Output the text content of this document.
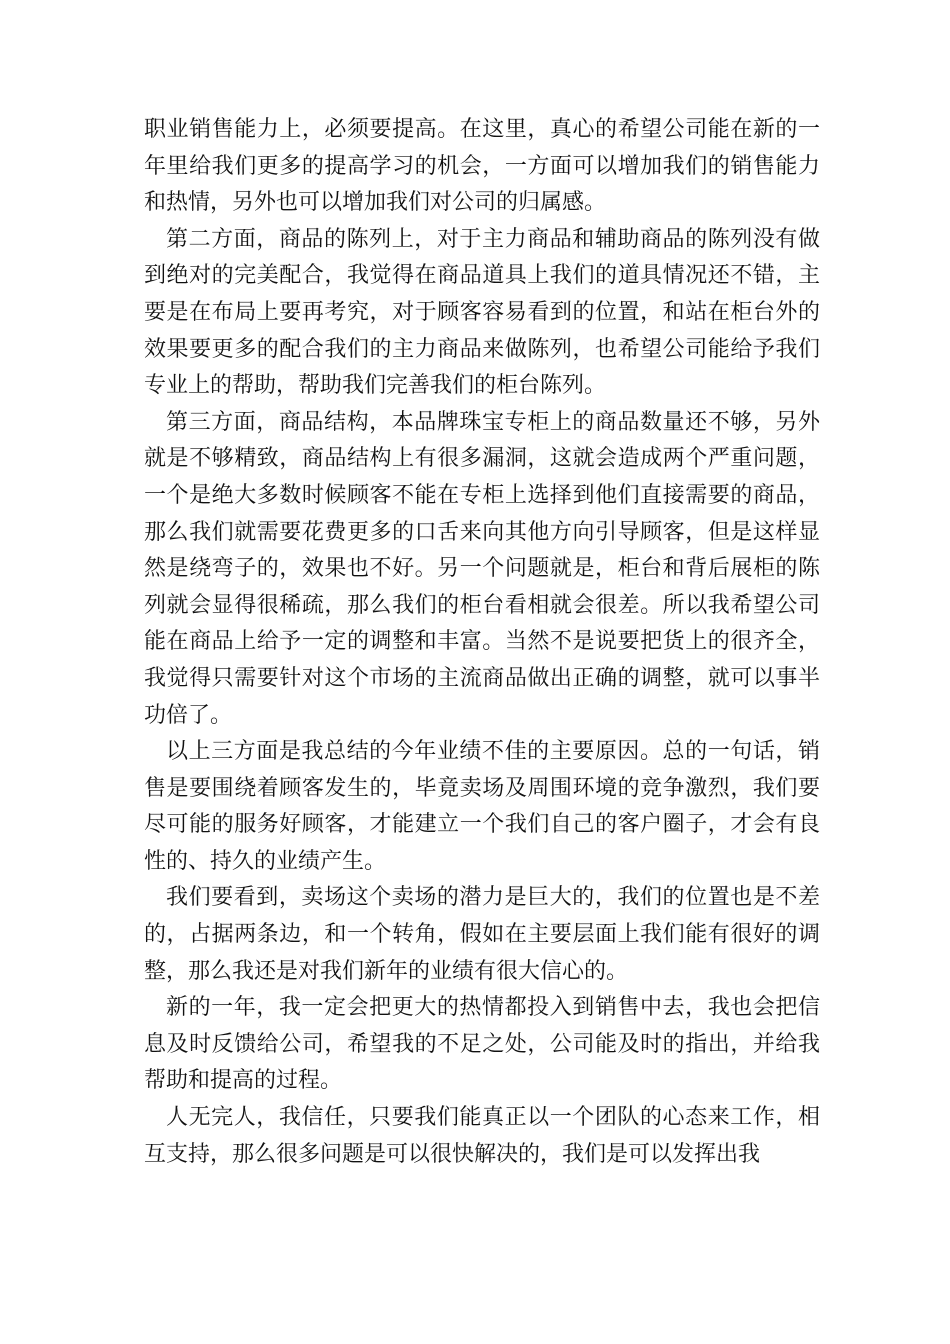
职业销售能力上，必须要提高。在这里，真心的希望公司能在新的一年里给我们更多的提高学习的机会，一方面可以增加我们的销售能力和热情，另外也可以增加我们对公司的归属感。

第二方面，商品的陈列上，对于主力商品和辅助商品的陈列没有做到绝对的完美配合，我觉得在商品道具上我们的道具情况还不错，主要是在布局上要再考究，对于顾客容易看到的位置，和站在柜台外的效果要更多的配合我们的主力商品来做陈列，也希望公司能给予我们专业上的帮助，帮助我们完善我们的柜台陈列。

第三方面，商品结构，本品牌珠宝专柜上的商品数量还不够，另外就是不够精致，商品结构上有很多漏洞，这就会造成两个严重问题，一个是绝大多数时候顾客不能在专柜上选择到他们直接需要的商品，那么我们就需要花费更多的口舌来向其他方向引导顾客，但是这样显然是绕弯子的，效果也不好。另一个问题就是，柜台和背后展柜的陈列就会显得很稀疏，那么我们的柜台看相就会很差。所以我希望公司能在商品上给予一定的调整和丰富。当然不是说要把货上的很齐全，我觉得只需要针对这个市场的主流商品做出正确的调整，就可以事半功倍了。

以上三方面是我总结的今年业绩不佳的主要原因。总的一句话，销售是要围绕着顾客发生的，毕竟卖场及周围环境的竞争激烈，我们要尽可能的服务好顾客，才能建立一个我们自己的客户圈子，才会有良性的、持久的业绩产生。

我们要看到，卖场这个卖场的潜力是巨大的，我们的位置也是不差的，占据两条边，和一个转角，假如在主要层面上我们能有很好的调整，那么我还是对我们新年的业绩有很大信心的。

新的一年，我一定会把更大的热情都投入到销售中去，我也会把信息及时反馈给公司，希望我的不足之处，公司能及时的指出，并给我帮助和提高的过程。

人无完人，我信任，只要我们能真正以一个团队的心态来工作，相互支持，那么很多问题是可以很快解决的，我们是可以发挥出我
